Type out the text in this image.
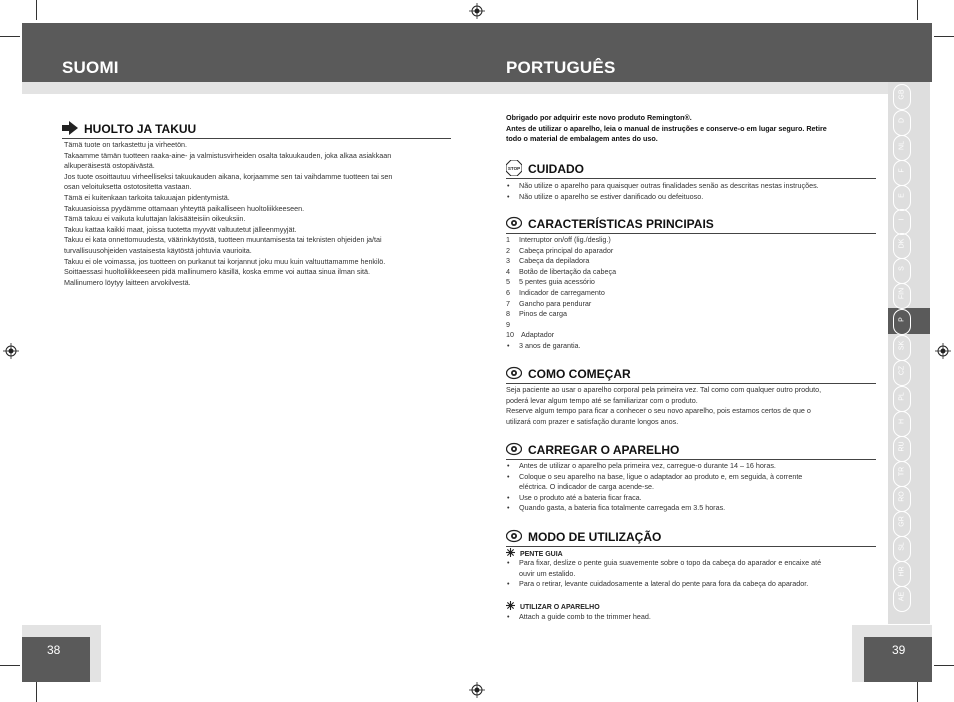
SUOMI	PORTUGUÊS
HUOLTO JA TAKUU
Tämä tuote on tarkastettu ja virheetön.
Takaamme tämän tuotteen raaka-aine- ja valmistusvirheiden osalta takuukauden, joka alkaa asiakkaan
alkuperäisestä ostopäivästä.
Jos tuote osoittautuu virheelliseksi takuukauden aikana, korjaamme sen tai vaihdamme tuotteen tai sen
osan veloituksetta ostotositetta vastaan.
Tämä ei kuitenkaan tarkoita takuuajan pidentymistä.
Takuuasioissa pyydämme ottamaan yhteyttä paikalliseen huoltoliikkeeseen.
Tämä takuu ei vaikuta kuluttajan lakisääteisiin oikeuksiin.
Takuu kattaa kaikki maat, joissa tuotetta myyvät valtuutetut jälleenmyyjät.
Takuu ei kata onnettomuudesta, väärinkäytöstä, tuotteen muuntamisesta tai teknisten ohjeiden ja/tai
turvallisuusohjeiden vastaisesta käytöstä johtuvia vaurioita.
Takuu ei ole voimassa, jos tuotteen on purkanut tai korjannut joku muu kuin valtuuttamamme henkilö.
Soittaessasi huoltoliikkeeseen pidä mallinumero käsillä, koska emme voi auttaa sinua ilman sitä.
Mallinumero löytyy laitteen arvokilvestä.
Obrigado por adquirir este novo produto Remington®.
Antes de utilizar o aparelho, leia o manual de instruções e conserve-o em lugar seguro. Retire
todo o material de embalagem antes do uso.
STOP CUIDADO
• Não utilize o aparelho para quaisquer outras finalidades senão as descritas nestas instruções.
• Não utilize o aparelho se estiver danificado ou defeituoso.
CARACTERÍSTICAS PRINCIPAIS
1 Interruptor on/off (lig./deslig.)
2 Cabeça principal do aparador
3 Cabeça da depiladora
4 Botão de libertação da cabeça
5 5 pentes guia acessório
6 Indicador de carregamento
7 Gancho para pendurar
8 Pinos de carga
9
10 Adaptador
• 3 anos de garantia.
COMO COMEÇAR
Seja paciente ao usar o aparelho corporal pela primeira vez. Tal como com qualquer outro produto,
poderá levar algum tempo até se familiarizar com o produto.
Reserve algum tempo para ficar a conhecer o seu novo aparelho, pois estamos certos de que o
utilizará com prazer e satisfação durante longos anos.
CARREGAR O APARELHO
• Antes de utilizar o aparelho pela primeira vez, carregue-o durante 14 – 16 horas.
• Coloque o seu aparelho na base, ligue o adaptador ao produto e, em seguida, à corrente
eléctrica. O indicador de carga acende-se.
• Use o produto até a bateria ficar fraca.
• Quando gasta, a bateria fica totalmente carregada em 3.5 horas.
MODO DE UTILIZAÇÃO
PENTE GUIA
• Para fixar, deslize o pente guia suavemente sobre o topo da cabeça do aparador e encaixe até
ouvir um estalido.
• Para o retirar, levante cuidadosamente a lateral do pente para fora da cabeça do aparador.
UTILIZAR O APARELHO
• Attach a guide comb to the trimmer head.
GB
D
NL
F
E
I
DK
S
FIN
P
SK
CZ
PL
H
RU
TR
RO
GR
SL
HR
AE
38	39
